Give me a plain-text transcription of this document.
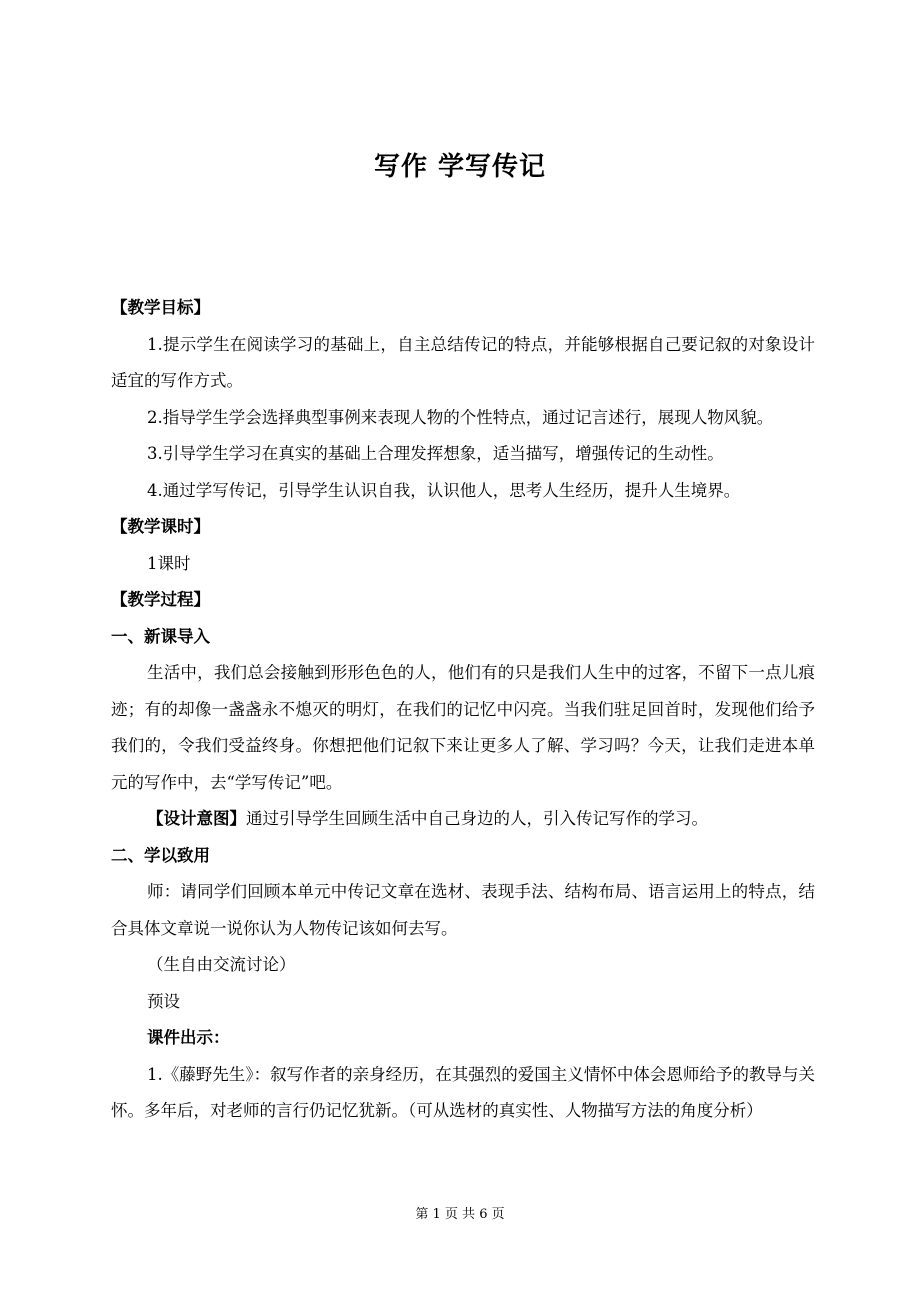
写作 学写传记

【教学目标】

1.提示学生在阅读学习的基础上，自主总结传记的特点，并能够根据自己要记叙的对象设计适宜的写作方式。

2.指导学生学会选择典型事例来表现人物的个性特点，通过记言述行，展现人物风貌。

3.引导学生学习在真实的基础上合理发挥想象，适当描写，增强传记的生动性。

4.通过学写传记，引导学生认识自我，认识他人，思考人生经历，提升人生境界。

【教学课时】

1课时

【教学过程】

一、新课导入

生活中，我们总会接触到形形色色的人，他们有的只是我们人生中的过客，不留下一点儿痕迹；有的却像一盏盏永不熄灭的明灯，在我们的记忆中闪亮。当我们驻足回首时，发现他们给予我们的，令我们受益终身。你想把他们记叙下来让更多人了解、学习吗？今天，让我们走进本单元的写作中，去“学写传记”吧。

【设计意图】通过引导学生回顾生活中自己身边的人，引入传记写作的学习。

二、学以致用

师：请同学们回顾本单元中传记文章在选材、表现手法、结构布局、语言运用上的特点，结合具体文章说一说你认为人物传记该如何去写。

（生自由交流讨论）

预设

课件出示：

1.《藤野先生》：叙写作者的亲身经历，在其强烈的爱国主义情怀中体会恩师给予的教导与关怀。多年后，对老师的言行仍记忆犹新。（可从选材的真实性、人物描写方法的角度分析）

第 1 页 共 6 页
